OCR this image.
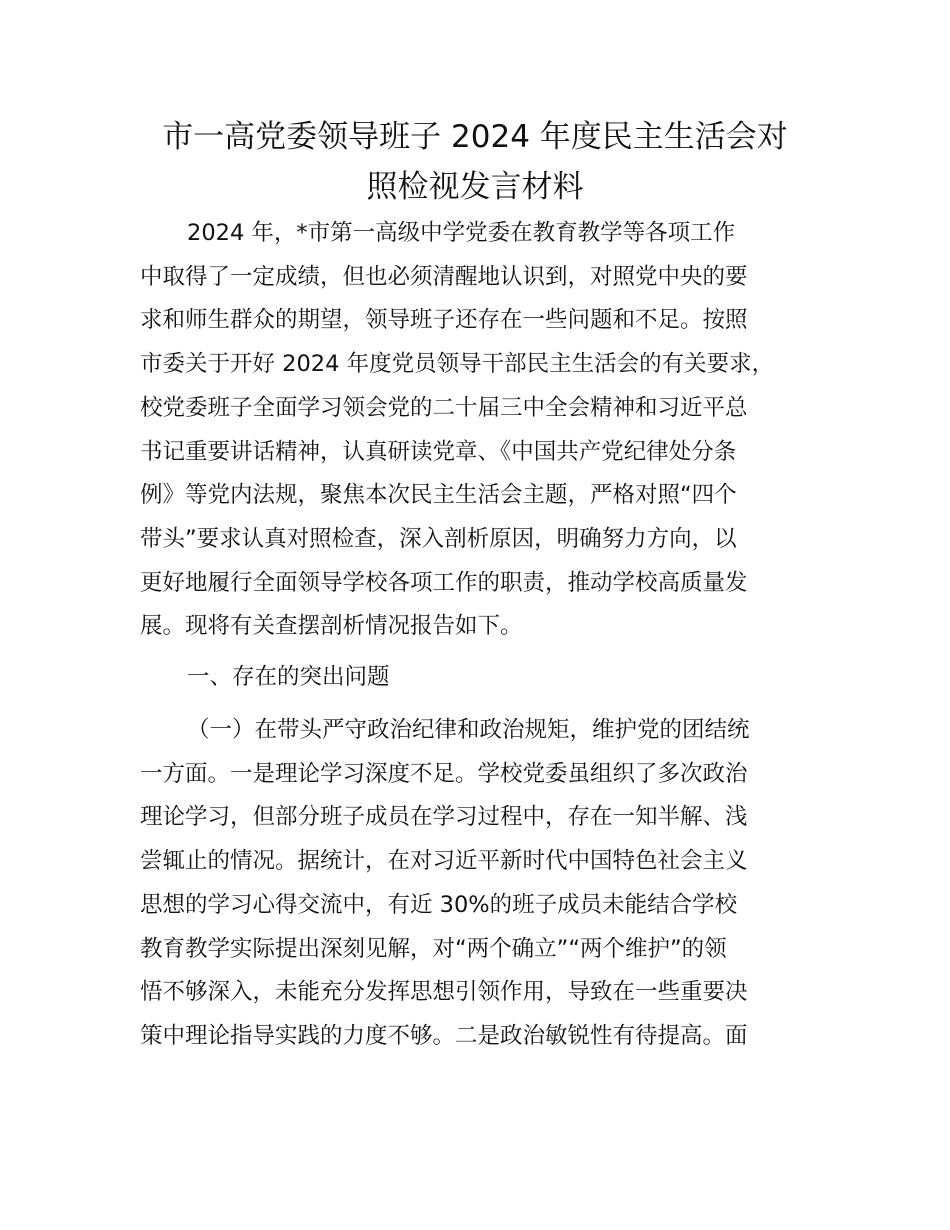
市一高党委领导班子 2024 年度民主生活会对
照检视发言材料
2024 年，*市第一高级中学党委在教育教学等各项工作
中取得了一定成绩，但也必须清醒地认识到，对照党中央的要
求和师生群众的期望，领导班子还存在一些问题和不足。按照
市委关于开好 2024 年度党员领导干部民主生活会的有关要求，
校党委班子全面学习领会党的二十届三中全会精神和习近平总
书记重要讲话精神，认真研读党章、《中国共产党纪律处分条
例》等党内法规，聚焦本次民主生活会主题，严格对照“四个
带头”要求认真对照检查，深入剖析原因，明确努力方向，以
更好地履行全面领导学校各项工作的职责，推动学校高质量发
展。现将有关查摆剖析情况报告如下。
一、存在的突出问题
（一）在带头严守政治纪律和政治规矩，维护党的团结统
一方面。一是理论学习深度不足。学校党委虽组织了多次政治
理论学习，但部分班子成员在学习过程中，存在一知半解、浅
尝辄止的情况。据统计，在对习近平新时代中国特色社会主义
思想的学习心得交流中，有近 30%的班子成员未能结合学校
教育教学实际提出深刻见解，对“两个确立”“两个维护”的领
悟不够深入，未能充分发挥思想引领作用，导致在一些重要决
策中理论指导实践的力度不够。二是政治敏锐性有待提高。面
